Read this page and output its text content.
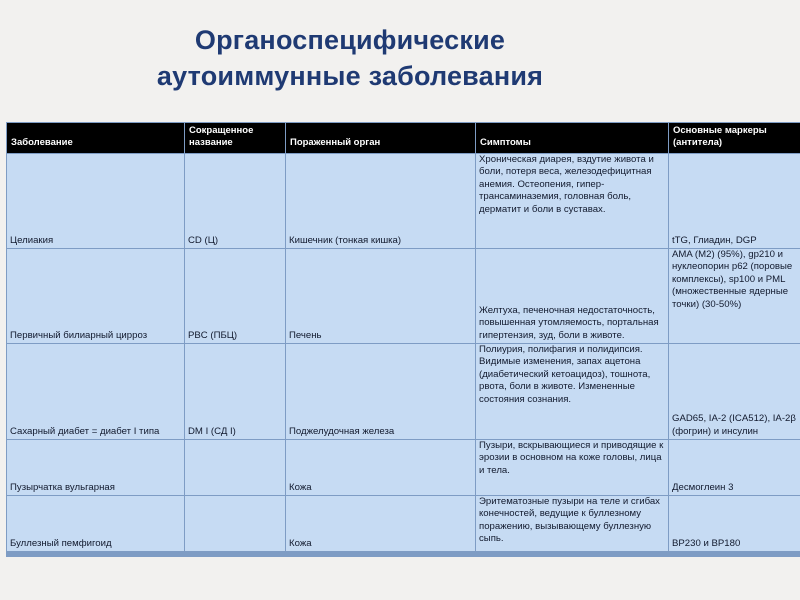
Органоспецифические
аутоиммунные заболевания
Заболевание	Сокращенное название	Пораженный орган	Симптомы	Основные маркеры (антитела)
Целиакия	CD (Ц)	Кишечник (тонкая кишка)	Хроническая диарея, вздутие живота и боли, потеря веса, железодефицитная анемия. Остеопения, гипер-трансаминаземия, головная боль, дерматит и боли в суставах.	tTG, Глиадин, DGP
Первичный билиарный цирроз	PBC (ПБЦ)	Печень	Желтуха, печеночная недостаточность, повышенная утомляемость, портальная гипертензия, зуд, боли в животе.	AMA (M2) (95%), gp210 и нуклеопорин p62 (поровые комплексы), sp100 и PML (множественные ядерные точки) (30-50%)
Сахарный диабет = диабет I типа	DM I (СД I)	Поджелудочная железа	Полиурия, полифагия и полидипсия. Видимые изменения, запах ацетона (диабетический кетоацидоз), тошнота, рвота, боли в животе. Измененные состояния сознания.	GAD65, IA-2 (ICA512), IA-2β (фогрин) и инсулин
Пузырчатка вульгарная		Кожа	Пузыри, вскрывающиеся и приводящие к эрозии в основном на коже головы, лица и тела.	Десмоглеин 3
Буллезный пемфигоид		Кожа	Эритематозные пузыри на теле и сгибах конечностей, ведущие к буллезному поражению, вызывающему буллезную сыпь.	BP230 и BP180
